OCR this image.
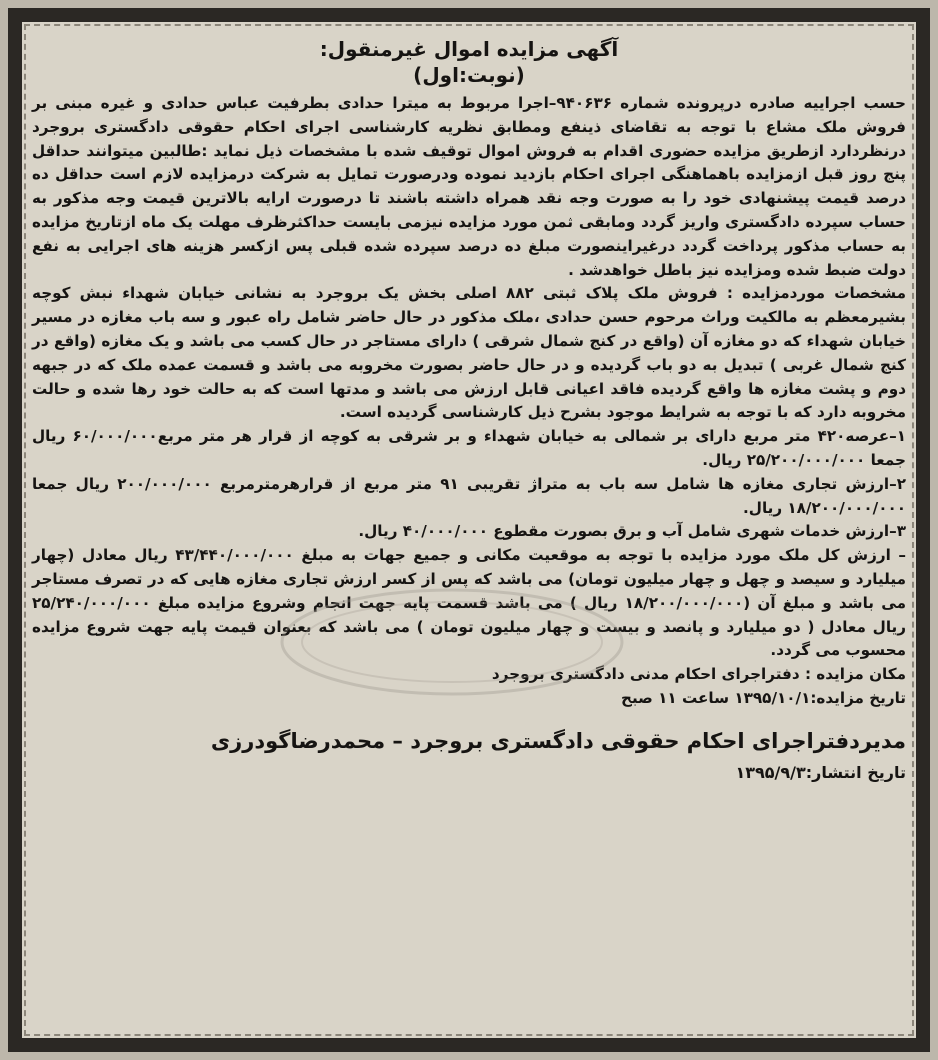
آگهی مزایده اموال غیرمنقول:
(نوبت:اول)

حسب اجراییه صادره درپرونده شماره ۹۴۰۶۳۶–اجرا مربوط به میترا حدادی بطرفیت عباس حدادی و غیره مبنی بر فروش ملک مشاع با توجه به تقاضای ذینفع ومطابق نظریه کارشناسی اجرای احکام حقوقی دادگستری بروجرد درنظردارد ازطریق مزایده حضوری اقدام به فروش اموال توقیف شده با مشخصات ذیل نماید :طالبین میتوانند حداقل پنج روز قبل ازمزایده باهماهنگی اجرای احکام بازدید نموده ودرصورت تمایل به شرکت درمزایده لازم است حداقل ده درصد قیمت پیشنهادی خود را به صورت وجه نقد همراه داشته باشند تا درصورت ارایه بالاترین قیمت وجه مذکور به حساب سپرده دادگستری واریز گردد ومابقی ثمن مورد مزایده نیزمی بایست حداکثرظرف مهلت یک ماه ازتاریخ مزایده به حساب مذکور پرداخت گردد درغیراینصورت مبلغ ده درصد سپرده شده قبلی پس ازکسر هزینه های اجرایی به نفع دولت ضبط شده ومزایده نیز باطل خواهدشد .

مشخصات موردمزایده : فروش ملک پلاک ثبتی ۸۸۲ اصلی بخش یک بروجرد به نشانی خیابان شهداء نبش کوچه بشیرمعظم به مالکیت وراث مرحوم حسن حدادی ،ملک مذکور در حال حاضر شامل راه عبور و سه باب مغازه در مسیر خیابان شهداء که دو مغازه آن (واقع در کنج شمال شرقی ) دارای مستاجر در حال کسب می باشد و یک مغازه (واقع در کنج شمال غربی ) تبدیل به دو باب گردیده و در حال حاضر بصورت مخروبه می باشد و قسمت عمده ملک که در جبهه دوم و پشت مغازه ها واقع گردیده فاقد اعیانی قابل ارزش می باشد و مدتها است که به حالت خود رها شده و حالت مخروبه دارد که با توجه به شرایط موجود بشرح ذیل کارشناسی گردیده است.

۱–عرصه۴۲۰ متر مربع دارای بر شمالی به خیابان شهداء و بر شرقی به کوچه از قرار هر متر مربع۶۰/۰۰۰/۰۰۰ ریال جمعا ۲۵/۲۰۰/۰۰۰/۰۰۰ ریال.

۲–ارزش تجاری مغازه ها شامل سه باب به متراژ تقریبی ۹۱ متر مربع از قرارهرمترمربع ۲۰۰/۰۰۰/۰۰۰ ریال جمعا ۱۸/۲۰۰/۰۰۰/۰۰۰ ریال.

۳–ارزش خدمات شهری شامل آب و برق بصورت مقطوع ۴۰/۰۰۰/۰۰۰ ریال.

– ارزش کل ملک مورد مزایده با توجه به موقعیت مکانی و جمیع جهات به مبلغ ۴۳/۴۴۰/۰۰۰/۰۰۰ ریال معادل (چهار میلیارد و سیصد و چهل و چهار میلیون تومان) می باشد که پس از کسر ارزش تجاری مغازه هایی که در تصرف مستاجر می باشد و مبلغ آن (۱۸/۲۰۰/۰۰۰/۰۰۰ ریال ) می باشد قسمت پایه جهت انجام وشروع مزایده مبلغ ۲۵/۲۴۰/۰۰۰/۰۰۰ ریال معادل ( دو میلیارد و پانصد و بیست و چهار میلیون تومان ) می باشد که بعنوان قیمت پایه جهت شروع مزایده محسوب می گردد.

مکان مزایده : دفتراجرای احکام مدنی دادگستری بروجرد

تاریخ مزایده:۱۳۹۵/۱۰/۱ ساعت ۱۱ صبح

مدیردفتراجرای احکام حقوقی دادگستری بروجرد – محمدرضاگودرزی
تاریخ انتشار:۱۳۹۵/۹/۳
